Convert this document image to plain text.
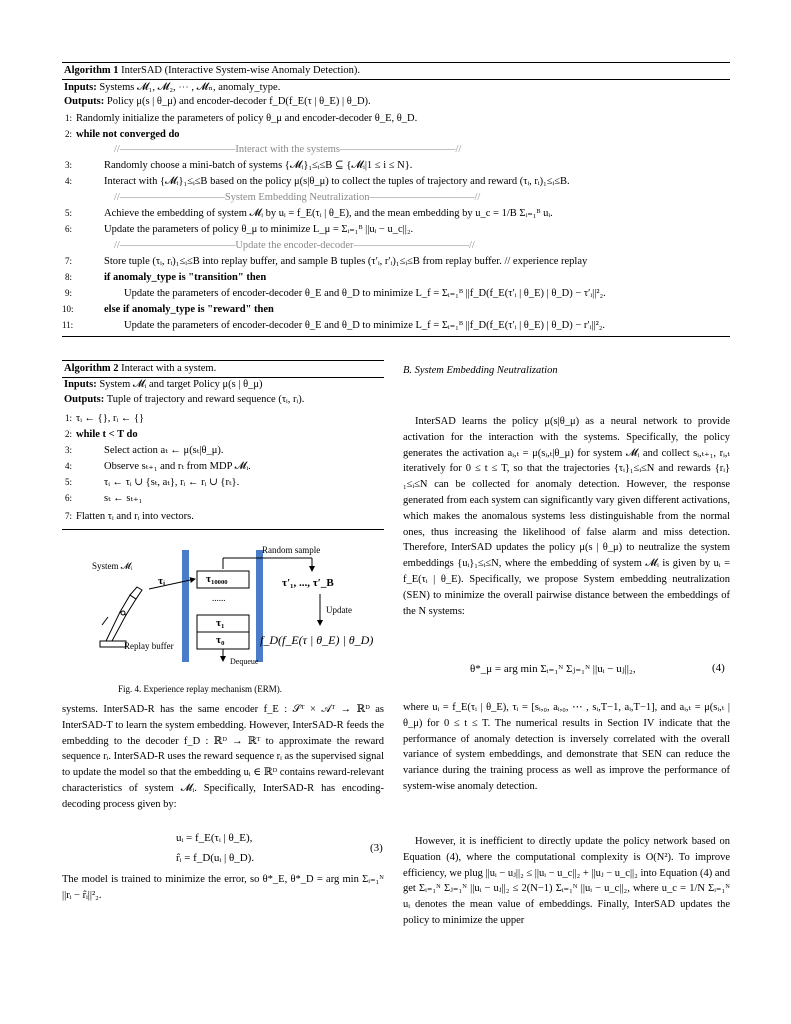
Algorithm 1 InterSAD (Interactive System-wise Anomaly Detection).
Inputs: Systems 𝓜₁, 𝓜₂, ⋯ , 𝓜ₙ, anomaly_type.
Outputs: Policy μ(s | θ_μ) and encoder-decoder f_D(f_E(τ | θ_E) | θ_D).
1: Randomly initialize the parameters of policy θ_μ and encoder-decoder θ_E, θ_D.
2: while not converged do
//———————————Interact with the systems———————————//
3:	Randomly choose a mini-batch of systems {𝓜ᵢ}₁≤ᵢ≤B ⊆ {𝓜ᵢ|1 ≤ i ≤ N}.
4:	Interact with {𝓜ᵢ}₁≤ᵢ≤B based on the policy μ(s|θ_μ) to collect the tuples of trajectory and reward (τᵢ, rᵢ)₁≤ᵢ≤B.
//——————————System Embedding Neutralization——————————//
5:	Achieve the embedding of system 𝓜ᵢ by uᵢ = f_E(τᵢ | θ_E), and the mean embedding by u_c = 1/B Σᵢ₌₁ᴮ uᵢ.
6:	Update the parameters of policy θ_μ to minimize L_μ = Σᵢ₌₁ᴮ ||uᵢ − u_c||₂.
//———————————Update the encoder-decoder———————————//
7:	Store tuple (τᵢ, rᵢ)₁≤ᵢ≤B into replay buffer, and sample B tuples (τ′ᵢ, r′ᵢ)₁≤ᵢ≤B from replay buffer. // experience replay
8:	if anomaly_type is "transition" then
9:	Update the parameters of encoder-decoder θ_E and θ_D to minimize L_f = Σᵢ₌₁ᴮ ||f_D(f_E(τ′ᵢ | θ_E) | θ_D) − τ′ᵢ||²₂.
10:	else if anomaly_type is "reward" then
11:	Update the parameters of encoder-decoder θ_E and θ_D to minimize L_f = Σᵢ₌₁ᴮ ||f_D(f_E(τ′ᵢ | θ_E) | θ_D) − r′ᵢ||²₂.
Algorithm 2 Interact with a system.
Inputs: System 𝓜ᵢ and target Policy μ(s | θ_μ)
Outputs: Tuple of trajectory and reward sequence (τᵢ, rᵢ).
1: τᵢ ← {}, rᵢ ← {}
2: while t < T do
3:	Select action aₜ ← μ(sₜ|θ_μ).
4:	Observe sₜ₊₁ and rₜ from MDP 𝓜ᵢ.
5:	τᵢ ← τᵢ ∪ {sₜ, aₜ}, rᵢ ← rᵢ ∪ {rₜ}.
6:	sₜ ← sₜ₊₁
7: Flatten τᵢ and rᵢ into vectors.
Random sample
System 𝓜ᵢ
τᵢ	τ₁₀₀₀₀
......
τ₁
τ₀
τ′₁, ..., τ′_B
Update
Replay buffer
Dequeue
f_D(f_E(τ | θ_E) | θ_D)
Fig. 4. Experience replay mechanism (ERM).

systems. InterSAD-R has the same encoder f_E : 𝒮ᵀ × 𝒜ᵀ → ℝᴰ as InterSAD-T to learn the system embedding. However, InterSAD-R feeds the embedding to the decoder f_D : ℝᴰ → ℝᵀ to approximate the reward sequence rᵢ. InterSAD-R uses the reward sequence rᵢ as the supervised signal to update the model so that the embedding uᵢ ∈ ℝᴰ contains reward-relevant characteristics of system 𝓜ᵢ. Specifically, InterSAD-R has encoding-decoding process given by:

uᵢ = f_E(τᵢ | θ_E),
r̂ᵢ = f_D(uᵢ | θ_D).
(3)

The model is trained to minimize the error, so θ*_E, θ*_D = arg min Σᵢ₌₁ᴺ ||rᵢ − r̂ᵢ||²₂.

B. System Embedding Neutralization

InterSAD learns the policy μ(s|θ_μ) as a neural network to provide activation for the interaction with the systems. Specifically, the policy generates the activation aᵢ,ₜ = μ(sᵢ,ₜ|θ_μ) for system 𝓜ᵢ and collect sᵢ,ₜ₊₁, rᵢ,ₜ iteratively for 0 ≤ t ≤ T, so that the trajectories {τᵢ}₁≤ᵢ≤N and rewards {rᵢ}₁≤ᵢ≤N can be collected for anomaly detection. However, the response generated from each system can significantly vary given different activations, which makes the anomalous systems less distinguishable from the normal ones, thus increasing the likelihood of false alarm and miss detection. Therefore, InterSAD updates the policy μ(s | θ_μ) to neutralize the system embeddings {uᵢ}₁≤ᵢ≤N, where the embedding of system 𝓜ᵢ is given by uᵢ = f_E(τᵢ | θ_E). Specifically, we propose System embedding neutralization (SEN) to minimize the overall pairwise distance between the embeddings of the N systems:

θ*_μ = arg min Σᵢ₌₁ᴺ Σⱼ₌₁ᴺ ||uᵢ − uⱼ||₂,	(4)

where uᵢ = f_E(τᵢ | θ_E), τᵢ = [sᵢ,₀, aᵢ,₀, ⋯ , sᵢ,T−1, aᵢ,T−1], and aᵢ,ₜ = μ(sᵢ,ₜ | θ_μ) for 0 ≤ t ≤ T. The numerical results in Section IV indicate that the performance of anomaly detection is inversely correlated with the overall variance of system embeddings, and demonstrate that SEN can reduce the variance during the training process as well as improve the performance of system-wise anomaly detection.

However, it is inefficient to directly update the policy network based on Equation (4), where the computational complexity is O(N²). To improve efficiency, we plug ||uᵢ − uⱼ||₂ ≤ ||uᵢ − u_c||₂ + ||uⱼ − u_c||₂ into Equation (4) and get Σᵢ₌₁ᴺ Σⱼ₌₁ᴺ ||uᵢ − uⱼ||₂ ≤ 2(N−1) Σᵢ₌₁ᴺ ||uᵢ − u_c||₂, where u_c = 1/N Σᵢ₌₁ᴺ uᵢ denotes the mean value of embeddings. Finally, InterSAD updates the policy to minimize the upper
